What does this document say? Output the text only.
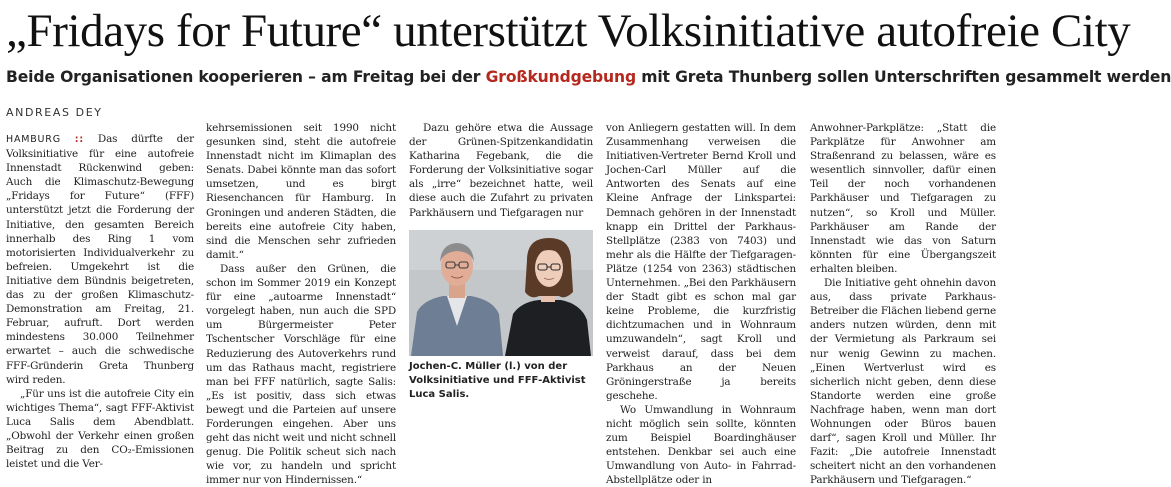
„Fridays for Future“ unterstützt Volksinitiative autofreie City
Beide Organisationen kooperieren – am Freitag bei der Großkundgebung mit Greta Thunberg sollen Unterschriften gesammelt werden
ANDREAS DEY

HAMBURG :: Das dürfte der Volksinitiative für eine autofreie Innenstadt Rückenwind geben: Auch die Klimaschutz-Bewegung „Fridays for Future“ (FFF) unterstützt jetzt die Forderung der Initiative, den gesamten Bereich innerhalb des Ring 1 vom motorisierten Individualverkehr zu befreien. Umgekehrt ist die Initiative dem Bündnis beigetreten, das zu der großen Klimaschutz-Demonstration am Freitag, 21. Februar, aufruft. Dort werden mindestens 30.000 Teilnehmer erwartet – auch die schwedische FFF-Gründerin Greta Thunberg wird reden.

„Für uns ist die autofreie City ein wichtiges Thema“, sagt FFF-Aktivist Luca Salis dem Abendblatt. „Obwohl der Verkehr einen großen Beitrag zu den CO₂-Emissionen leistet und die Ver-

kehrsemissionen seit 1990 nicht gesunken sind, steht die autofreie Innenstadt nicht im Klimaplan des Senats. Dabei könnte man das sofort umsetzen, und es birgt Riesenchancen für Hamburg. In Groningen und anderen Städten, die bereits eine autofreie City haben, sind die Menschen sehr zufrieden damit.“

Dass außer den Grünen, die schon im Sommer 2019 ein Konzept für eine „autoarme Innenstadt“ vorgelegt haben, nun auch die SPD um Bürgermeister Peter Tschentscher Vorschläge für eine Reduzierung des Autoverkehrs rund um das Rathaus macht, registriere man bei FFF natürlich, sagte Salis: „Es ist positiv, dass sich etwas bewegt und die Parteien auf unsere Forderungen eingehen. Aber uns geht das nicht weit und nicht schnell genug. Die Politik scheut sich nach wie vor, zu handeln und spricht immer nur von Hindernissen.“

Dazu gehöre etwa die Aussage der Grünen-Spitzenkandidatin Katharina Fegebank, die die Forderung der Volksinitiative sogar als „irre“ bezeichnet hatte, weil diese auch die Zufahrt zu privaten Parkhäusern und Tiefgaragen nur

Jochen-C. Müller (l.) von der Volksinitiative und FFF-Aktivist Luca Salis.

von Anliegern gestatten will. In dem Zusammenhang verweisen die Initiativen-Vertreter Bernd Kroll und Jochen-Carl Müller auf die Antworten des Senats auf eine Kleine Anfrage der Linkspartei: Demnach gehören in der Innenstadt knapp ein Drittel der Parkhaus-Stellplätze (2383 von 7403) und mehr als die Hälfte der Tiefgaragen-Plätze (1254 von 2363) städtischen Unternehmen. „Bei den Parkhäusern der Stadt gibt es schon mal gar keine Probleme, die kurzfristig dichtzumachen und in Wohnraum umzuwandeln“, sagt Kroll und verweist darauf, dass bei dem Parkhaus an der Neuen Gröningerstraße ja bereits geschehe.

Wo Umwandlung in Wohnraum nicht möglich sein sollte, könnten zum Beispiel Boardinghäuser entstehen. Denkbar sei auch eine Umwandlung von Auto- in Fahrrad-Abstellplätze oder in

Anwohner-Parkplätze: „Statt die Parkplätze für Anwohner am Straßenrand zu belassen, wäre es wesentlich sinnvoller, dafür einen Teil der noch vorhandenen Parkhäuser und Tiefgaragen zu nutzen“, so Kroll und Müller. Parkhäuser am Rande der Innenstadt wie das von Saturn könnten für eine Übergangszeit erhalten bleiben.

Die Initiative geht ohnehin davon aus, dass private Parkhaus-Betreiber die Flächen liebend gerne anders nutzen würden, denn mit der Vermietung als Parkraum sei nur wenig Gewinn zu machen. „Einen Wertverlust wird es sicherlich nicht geben, denn diese Standorte werden eine große Nachfrage haben, wenn man dort Wohnungen oder Büros bauen darf“, sagen Kroll und Müller. Ihr Fazit: „Die autofreie Innenstadt scheitert nicht an den vorhandenen Parkhäusern und Tiefgaragen.“
